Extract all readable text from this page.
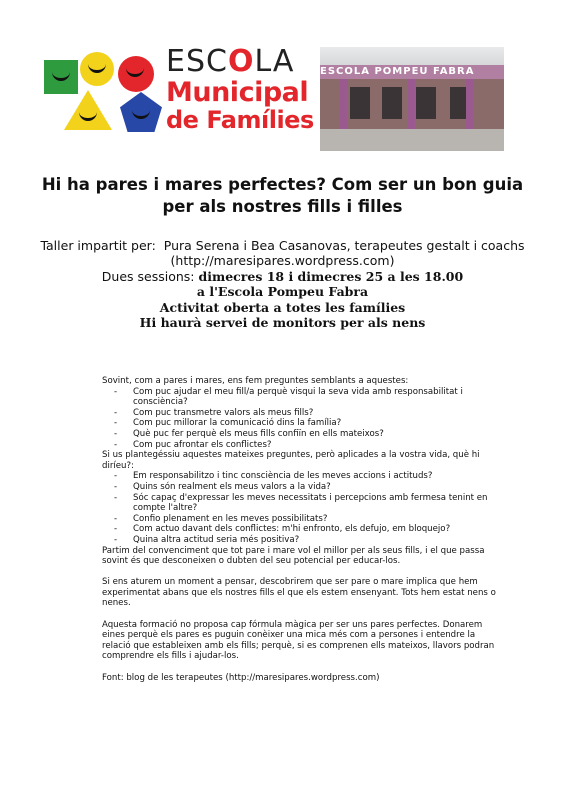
ESCOLA
Municipal
de Famílies
ESCOLA POMPEU FABRA
Hi ha pares i mares perfectes? Com ser un bon guia per als nostres fills i filles
Taller impartit per: Pura Serena i Bea Casanovas, terapeutes gestalt i coachs
(http://maresipares.wordpress.com)
Dues sessions: dimecres 18 i dimecres 25 a les 18.00
a l'Escola Pompeu Fabra
Activitat oberta a totes les famílies
Hi haurà servei de monitors per als nens

Sovint, com a pares i mares, ens fem preguntes semblants a aquestes:

- Com puc ajudar el meu fill/a perquè visqui la seva vida amb responsabilitat i consciència?
- Com puc transmetre valors als meus fills?
- Com puc millorar la comunicació dins la família?
- Què puc fer perquè els meus fills confiïn en ells mateixos?
- Com puc afrontar els conflictes?

Si us plantegéssiu aquestes mateixes preguntes, però aplicades a la vostra vida, què hi diríeu?:

- Em responsabilitzo i tinc consciència de les meves accions i actituds?
- Quins són realment els meus valors a la vida?
- Sóc capaç d'expressar les meves necessitats i percepcions amb fermesa tenint en compte l'altre?
- Confio plenament en les meves possibilitats?
- Com actuo davant dels conflictes: m'hi enfronto, els defujo, em bloquejo?
- Quina altra actitud seria més positiva?

Partim del convenciment que tot pare i mare vol el millor per als seus fills, i el que passa sovint és que desconeixen o dubten del seu potencial per educar-los.

Si ens aturem un moment a pensar, descobrirem que ser pare o mare implica que hem experimentat abans que els nostres fills el que els estem ensenyant. Tots hem estat nens o nenes.

Aquesta formació no proposa cap fórmula màgica per ser uns pares perfectes. Donarem eines perquè els pares es puguin conèixer una mica més com a persones i entendre la relació que estableixen amb els fills; perquè, si es comprenen ells mateixos, llavors podran comprendre els fills i ajudar-los.

Font: blog de les terapeutes (http://maresipares.wordpress.com)
